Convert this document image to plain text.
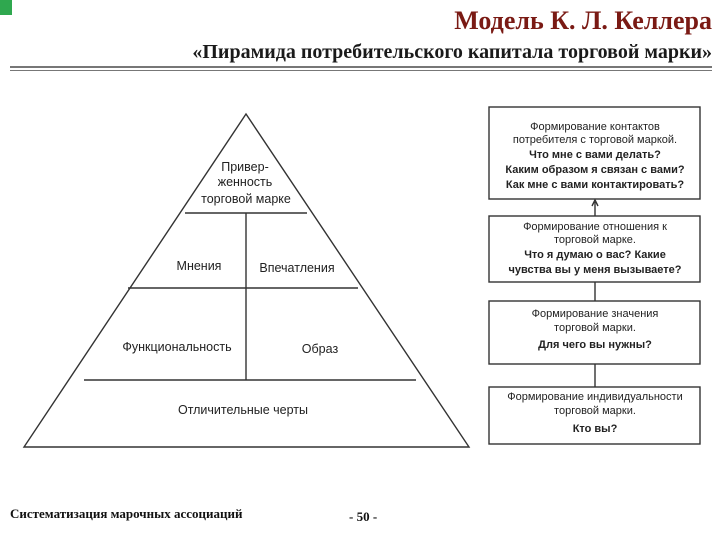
Модель К. Л. Келлера
«Пирамида потребительского капитала торговой марки»
Привер-
женность
торговой марке
Мнения	Впечатления
Функциональность	Образ
Отличительные черты
Формирование контактов
потребителя с торговой маркой.
Что мне с вами делать?
Каким образом я связан с вами?
Как мне с вами контактировать?
Формирование отношения к
торговой марке.
Что я думаю о вас? Какие
чувства вы у меня вызываете?
Формирование значения
торговой марки.
Для чего вы нужны?
Формирование индивидуальности
торговой марки.
Кто вы?
Систематизация марочных ассоциаций	- 50 -
